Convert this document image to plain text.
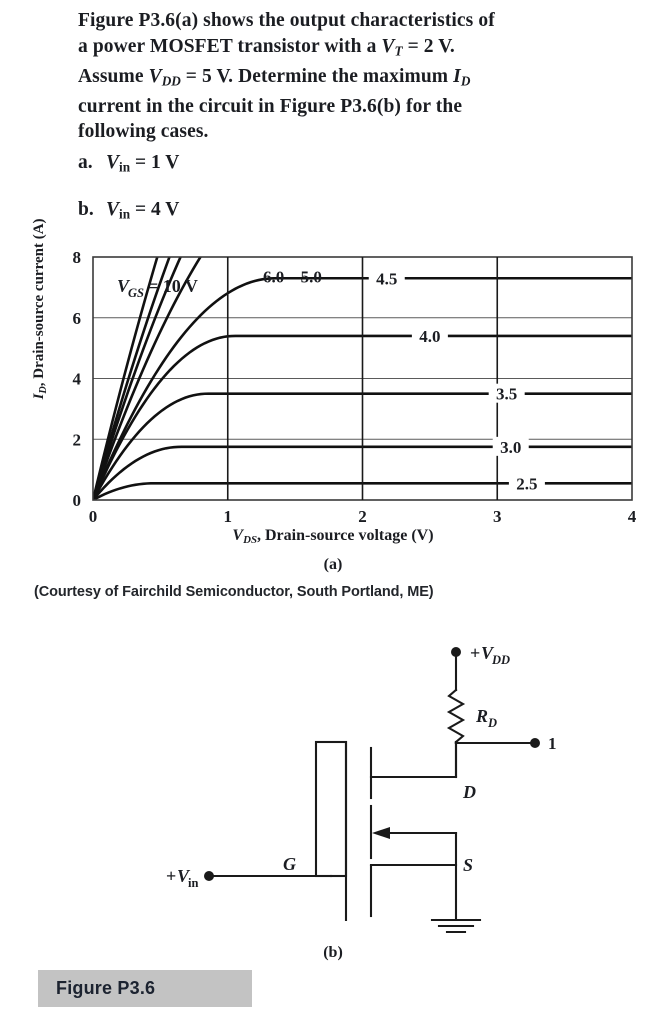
Figure P3.6(a) shows the output characteristics of
a power MOSFET transistor with a $V_T = 2$ V.
Assume $V_{DD} = 5$ V. Determine the maximum $I_D$
current in the circuit in Figure P3.6(b) for the
following cases.
a. Vin = 1 V
b. Vin = 4 V
0
2
4
6
8
0	1	2	3	4
6.0 5.0	4.5
4.0
3.5
3.0
2.5
V
GS = 10 V
$I_D$, Drain-source current (A)
$V_{DS}$, Drain-source voltage (V)
(a)
(Courtesy of Fairchild Semiconductor, South Portland, ME)
+ V
DD
R D
1
D
G	S
+ V
in
(b)
Figure P3.6
